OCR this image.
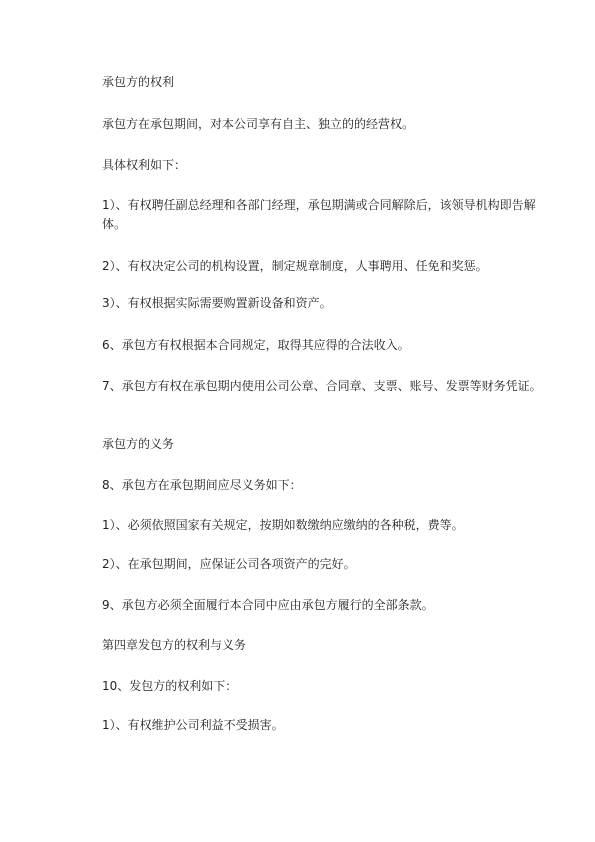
承包方的权利

承包方在承包期间，对本公司享有自主、独立的的经营权。

具体权利如下：

1）、有权聘任副总经理和各部门经理，承包期满或合同解除后，该领导机构即告解体。

2）、有权决定公司的机构设置，制定规章制度，人事聘用、任免和奖惩。

3）、有权根据实际需要购置新设备和资产。

6、承包方有权根据本合同规定，取得其应得的合法收入。

7、承包方有权在承包期内使用公司公章、合同章、支票、账号、发票等财务凭证。

承包方的义务

8、承包方在承包期间应尽义务如下：

1）、必须依照国家有关规定，按期如数缴纳应缴纳的各种税，费等。

2）、在承包期间，应保证公司各项资产的完好。

9、承包方必须全面履行本合同中应由承包方履行的全部条款。

第四章发包方的权利与义务

10、发包方的权利如下：

1）、有权维护公司利益不受损害。
